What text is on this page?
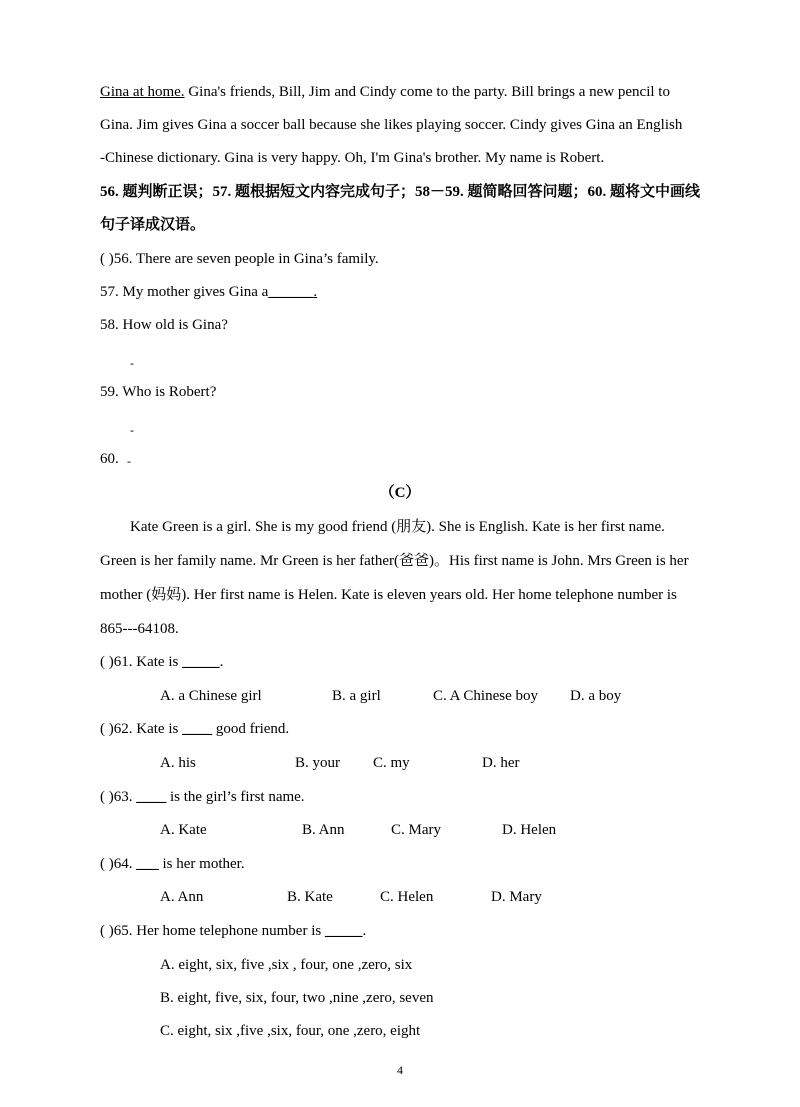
Gina at home. Gina's friends, Bill, Jim and Cindy come to the party. Bill brings a new pencil to
Gina. Jim gives Gina a soccer ball because she likes playing soccer. Cindy gives Gina an English
-Chinese dictionary. Gina is very happy. Oh, I'm Gina's brother. My name is Robert.
56. 题判断正误；57. 题根据短文内容完成句子；58－59. 题简略回答问题；60. 题将文中画线
句子译成汉语。
( )56. There are seven people in Gina’s family.
57. My mother gives Gina a______.
58. How old is Gina?
-
59. Who is Robert?
-
60. -
（C）
Kate Green is a girl. She is my good friend (朋友). She is English. Kate is her first name.
Green is her family name. Mr Green is her father(爸爸)。His first name is John. Mrs Green is her
mother (妈妈). Her first name is Helen. Kate is eleven years old. Her home telephone number is
865---64108.
( )61. Kate is _____.
A. a Chinese girl	B. a girl	C. A Chinese boy D. a boy
( )62. Kate is ____ good friend.
A. his	B. your C. my	D. her
( )63. ____ is the girl’s first name.
A. Kate	B. Ann	C. Mary	D. Helen
( )64. ___ is her mother.
A. Ann	B. Kate	C. Helen	D. Mary
( )65. Her home telephone number is _____.
A. eight, six, five ,six , four, one ,zero, six
B. eight, five, six, four, two ,nine ,zero, seven
C. eight, six ,five ,six, four, one ,zero, eight
4
